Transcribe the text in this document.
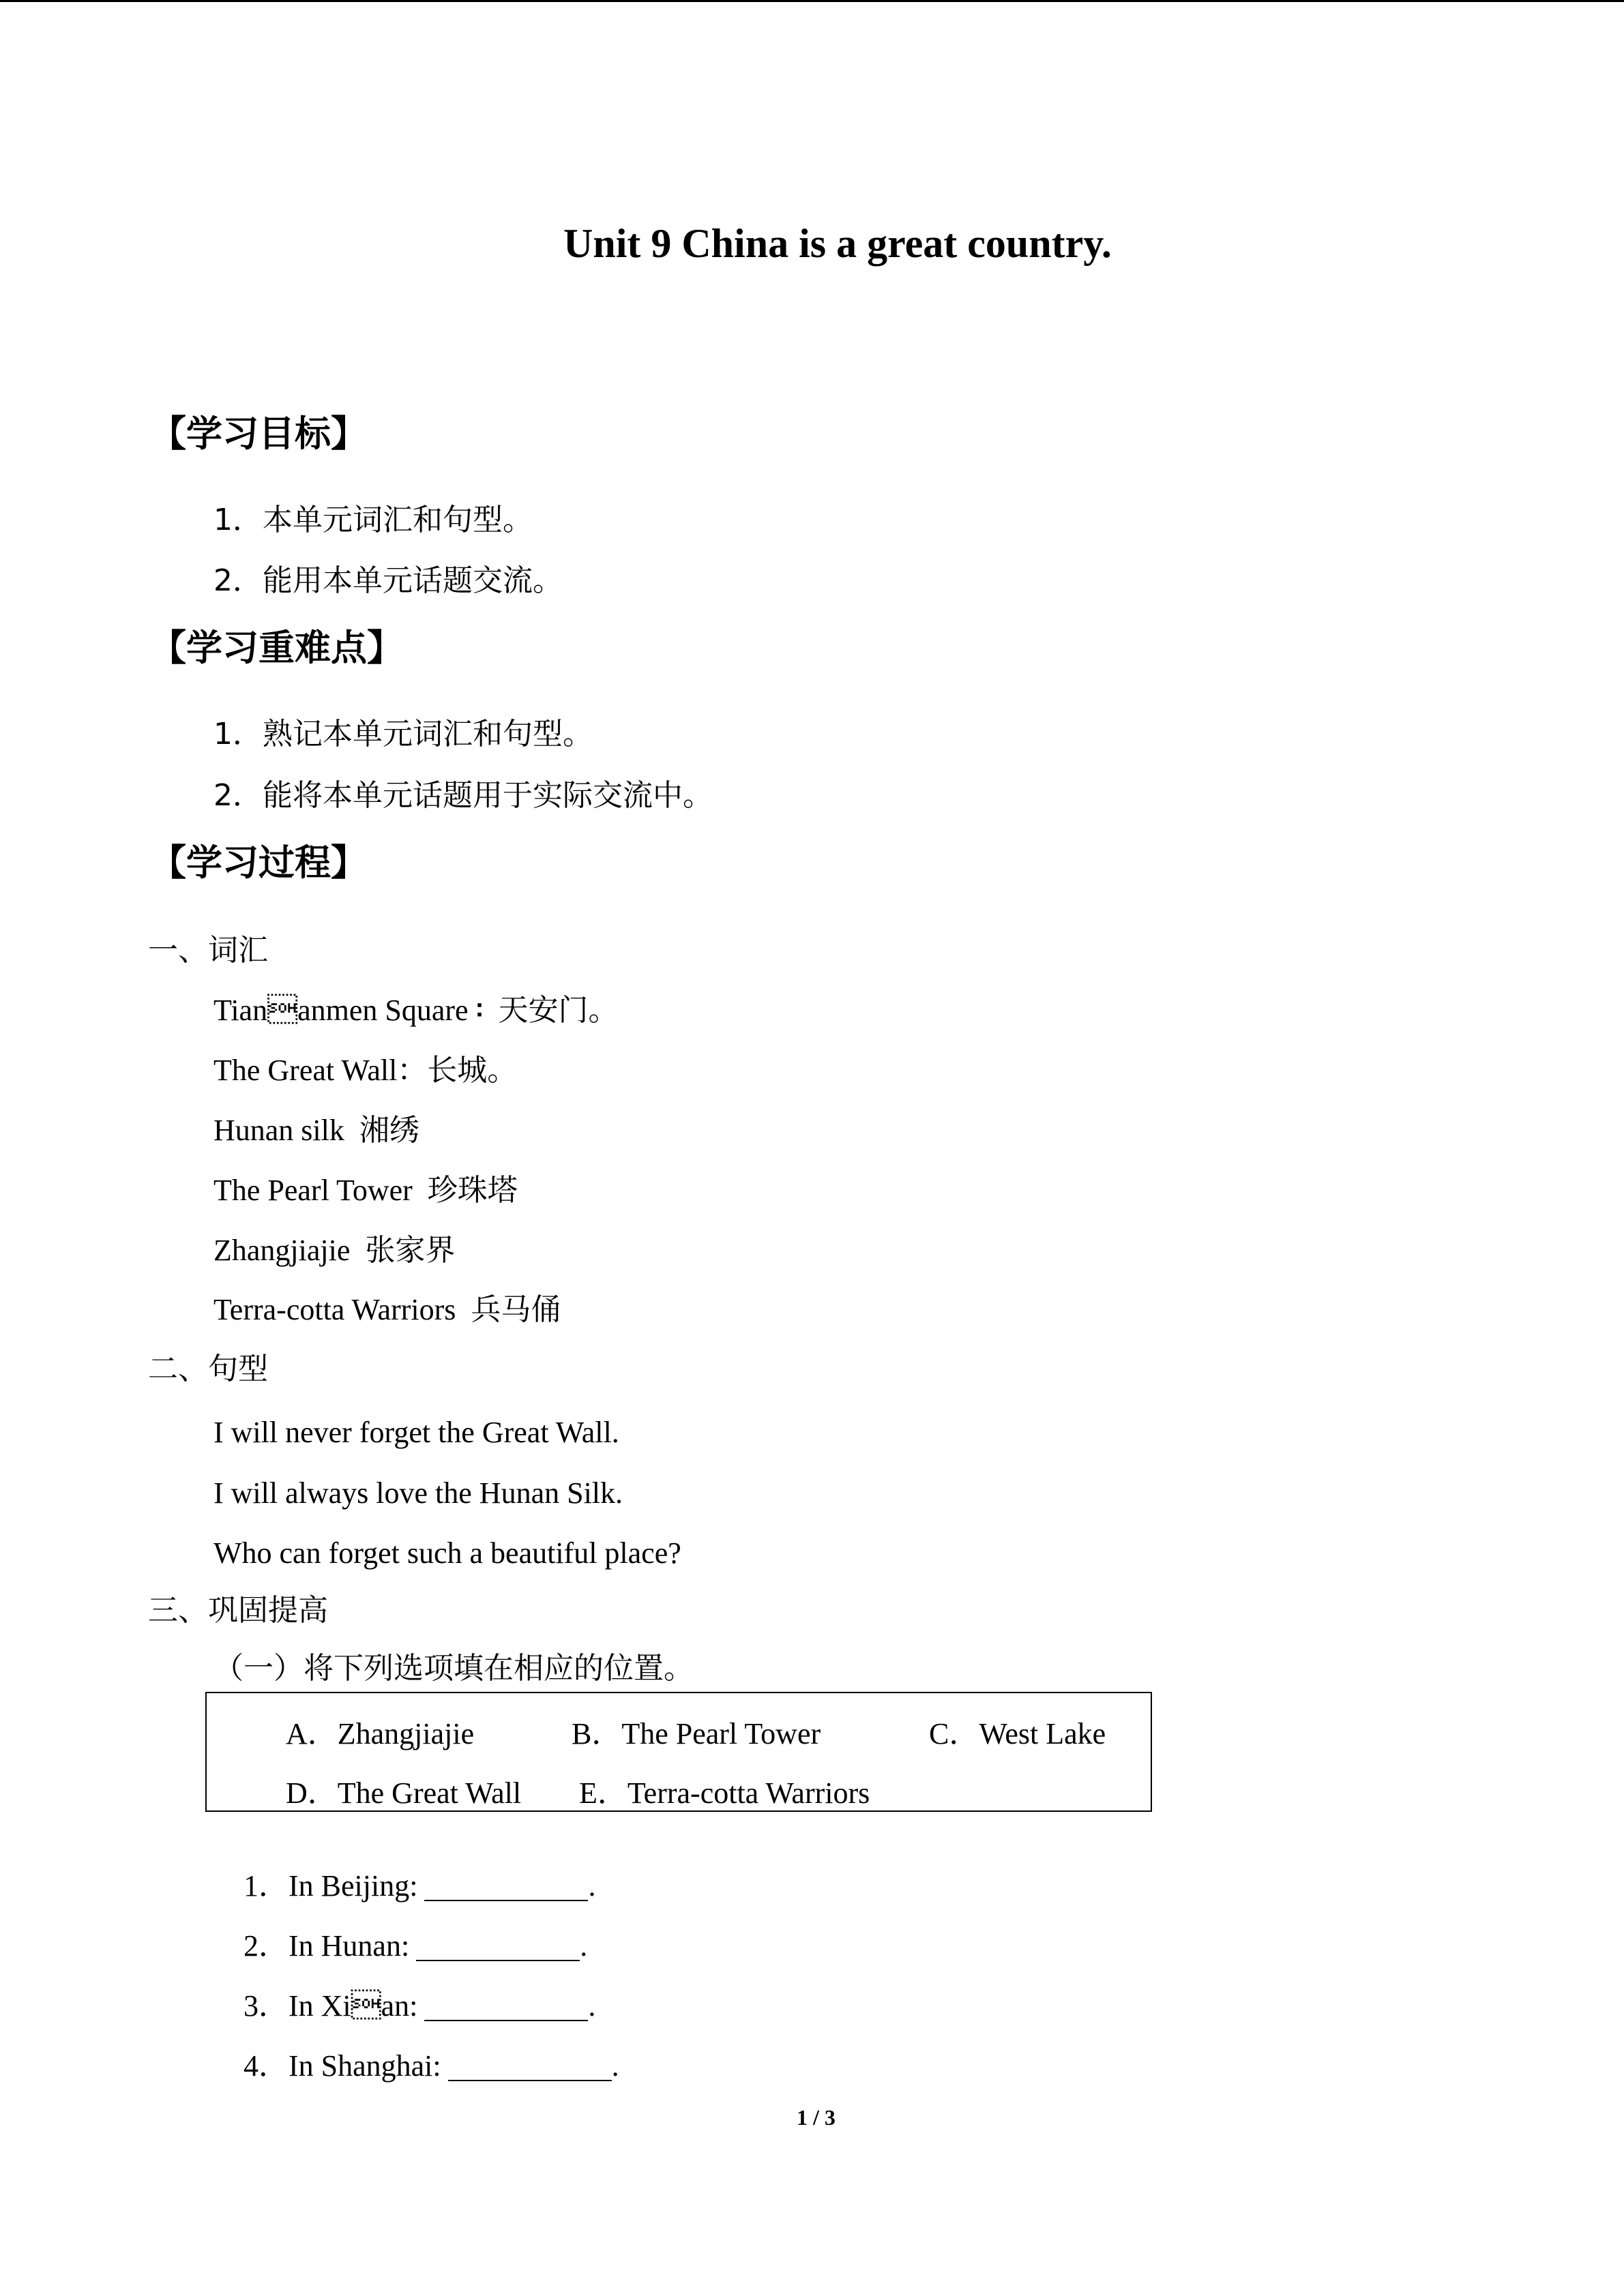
Unit 9 China is a great country.
【学习目标】
1．本单元词汇和句型。
2．能用本单元话题交流。
【学习重难点】
1．熟记本单元词汇和句型。
2．能将本单元话题用于实际交流中。
【学习过程】
一、词汇
Tiananmen Square：天安门。
The Great Wall：长城。
Hunan silk  湘绣
The Pearl Tower  珍珠塔
Zhangjiajie  张家界
Terra-cotta Warriors  兵马俑
二、句型
I will never forget the Great Wall.
I will always love the Hunan Silk.
Who can forget such a beautiful place?
三、巩固提高
（一）将下列选项填在相应的位置。
A．Zhangjiajie	B．The Pearl Tower	C．West Lake
D．The Great Wall E．Terra-cotta Warriors

1．In Beijing:	.

2．In Hunan:	.

3．In Xian:	.

4．In Shanghai:	.

1 / 3
